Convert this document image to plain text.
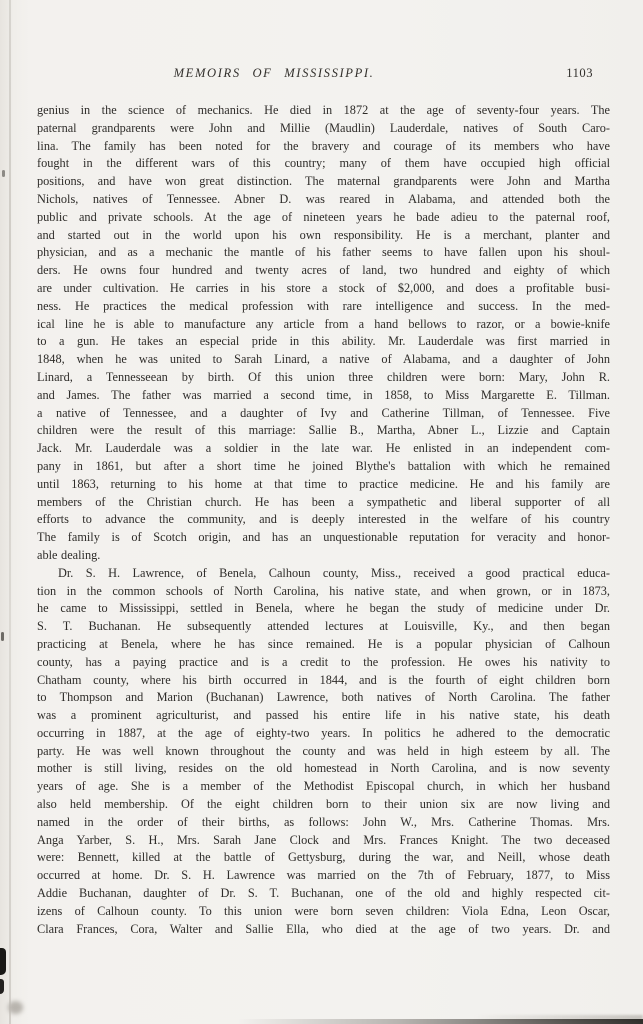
MEMOIRS OF MISSISSIPPI.	1103
genius in the science of mechanics. He died in 1872 at the age of seventy-four years. The
paternal grandparents were John and Millie (Maudlin) Lauderdale, natives of South Caro-
lina. The family has been noted for the bravery and courage of its members who have
fought in the different wars of this country; many of them have occupied high official
positions, and have won great distinction. The maternal grandparents were John and Martha
Nichols, natives of Tennessee. Abner D. was reared in Alabama, and attended both the
public and private schools. At the age of nineteen years he bade adieu to the paternal roof,
and started out in the world upon his own responsibility. He is a merchant, planter and
physician, and as a mechanic the mantle of his father seems to have fallen upon his shoul-
ders. He owns four hundred and twenty acres of land, two hundred and eighty of which
are under cultivation. He carries in his store a stock of $2,000, and does a profitable busi-
ness. He practices the medical profession with rare intelligence and success. In the med-
ical line he is able to manufacture any article from a hand bellows to razor, or a bowie-knife
to a gun. He takes an especial pride in this ability. Mr. Lauderdale was first married in
1848, when he was united to Sarah Linard, a native of Alabama, and a daughter of John
Linard, a Tennesseean by birth. Of this union three children were born: Mary, John R.
and James. The father was married a second time, in 1858, to Miss Margarette E. Tillman.
a native of Tennessee, and a daughter of Ivy and Catherine Tillman, of Tennessee. Five
children were the result of this marriage: Sallie B., Martha, Abner L., Lizzie and Captain
Jack. Mr. Lauderdale was a soldier in the late war. He enlisted in an independent com-
pany in 1861, but after a short time he joined Blythe's battalion with which he remained
until 1863, returning to his home at that time to practice medicine. He and his family are
members of the Christian church. He has been a sympathetic and liberal supporter of all
efforts to advance the community, and is deeply interested in the welfare of his country
The family is of Scotch origin, and has an unquestionable reputation for veracity and honor-
able dealing.
Dr. S. H. Lawrence, of Benela, Calhoun county, Miss., received a good practical educa-
tion in the common schools of North Carolina, his native state, and when grown, or in 1873,
he came to Mississippi, settled in Benela, where he began the study of medicine under Dr.
S. T. Buchanan. He subsequently attended lectures at Louisville, Ky., and then began
practicing at Benela, where he has since remained. He is a popular physician of Calhoun
county, has a paying practice and is a credit to the profession. He owes his nativity to
Chatham county, where his birth occurred in 1844, and is the fourth of eight children born
to Thompson and Marion (Buchanan) Lawrence, both natives of North Carolina. The father
was a prominent agriculturist, and passed his entire life in his native state, his death
occurring in 1887, at the age of eighty-two years. In politics he adhered to the democratic
party. He was well known throughout the county and was held in high esteem by all. The
mother is still living, resides on the old homestead in North Carolina, and is now seventy
years of age. She is a member of the Methodist Episcopal church, in which her husband
also held membership. Of the eight children born to their union six are now living and
named in the order of their births, as follows: John W., Mrs. Catherine Thomas. Mrs.
Anga Yarber, S. H., Mrs. Sarah Jane Clock and Mrs. Frances Knight. The two deceased
were: Bennett, killed at the battle of Gettysburg, during the war, and Neill, whose death
occurred at home. Dr. S. H. Lawrence was married on the 7th of February, 1877, to Miss
Addie Buchanan, daughter of Dr. S. T. Buchanan, one of the old and highly respected cit-
izens of Calhoun county. To this union were born seven children: Viola Edna, Leon Oscar,
Clara Frances, Cora, Walter and Sallie Ella, who died at the age of two years. Dr. and
